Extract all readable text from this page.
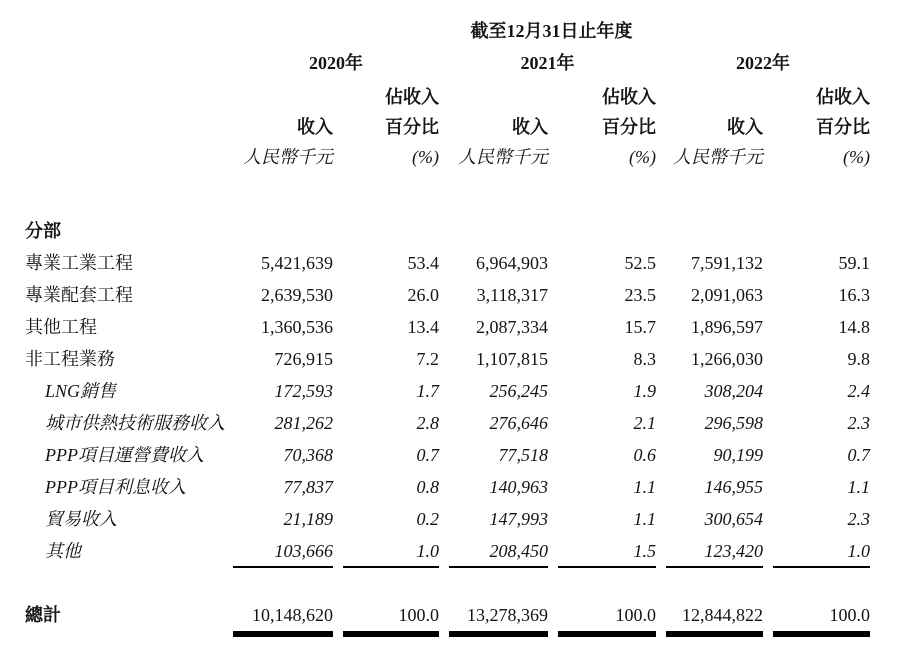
	截至12月31日止年度					
	2020年		2021年		2022年	
		佔收入		佔收入		佔收入
	收入	百分比	收入	百分比	收入	百分比
	人民幣千元	(%)	人民幣千元	(%)	人民幣千元	(%)

分部						
專業工業工程	5,421,639	53.4	6,964,903	52.5	7,591,132	59.1
專業配套工程	2,639,530	26.0	3,118,317	23.5	2,091,063	16.3
其他工程	1,360,536	13.4	2,087,334	15.7	1,896,597	14.8
非工程業務	726,915	7.2	1,107,815	8.3	1,266,030	9.8
LNG銷售	172,593	1.7	256,245	1.9	308,204	2.4
城市供熱技術服務收入	281,262	2.8	276,646	2.1	296,598	2.3
PPP項目運營費收入	70,368	0.7	77,518	0.6	90,199	0.7
PPP項目利息收入	77,837	0.8	140,963	1.1	146,955	1.1
貿易收入	21,189	0.2	147,993	1.1	300,654	2.3
其他	103,666	1.0	208,450	1.5	123,420	1.0

總計	10,148,620	100.0	13,278,369	100.0	12,844,822	100.0
